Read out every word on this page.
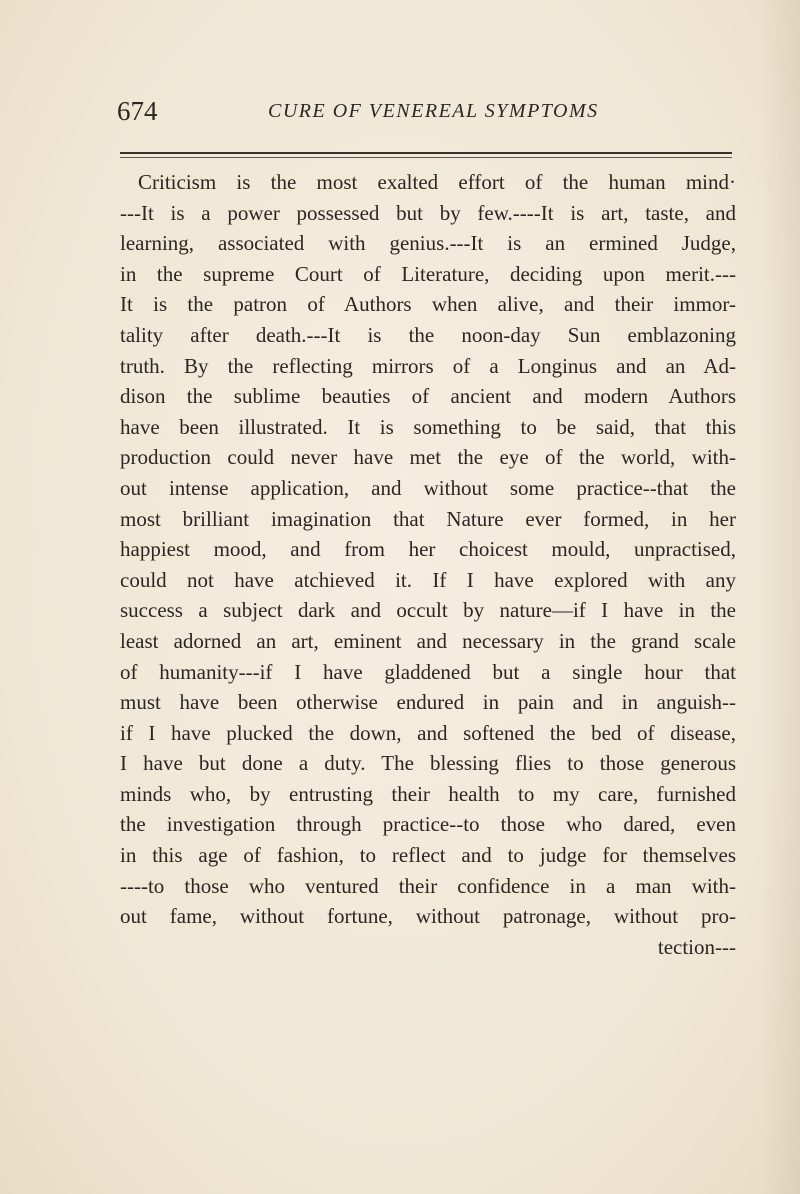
674	CURE OF VENEREAL SYMPTOMS
Criticism is the most exalted effort of the human mind·
---It is a power possessed but by few.----It is art, taste, and
learning, associated with genius.---It is an ermined Judge,
in the supreme Court of Literature, deciding upon merit.---
It is the patron of Authors when alive, and their immor-
tality after death.---It is the noon-day Sun emblazoning
truth. By the reflecting mirrors of a Longinus and an Ad-
dison the sublime beauties of ancient and modern Authors
have been illustrated. It is something to be said, that this
production could never have met the eye of the world, with-
out intense application, and without some practice--that the
most brilliant imagination that Nature ever formed, in her
happiest mood, and from her choicest mould, unpractised,
could not have atchieved it. If I have explored with any
success a subject dark and occult by nature—if I have in the
least adorned an art, eminent and necessary in the grand scale
of humanity---if I have gladdened but a single hour that
must have been otherwise endured in pain and in anguish--
if I have plucked the down, and softened the bed of disease,
I have but done a duty. The blessing flies to those generous
minds who, by entrusting their health to my care, furnished
the investigation through practice--to those who dared, even
in this age of fashion, to reflect and to judge for themselves
----to those who ventured their confidence in a man with-
out fame, without fortune, without patronage, without pro-
tection---
